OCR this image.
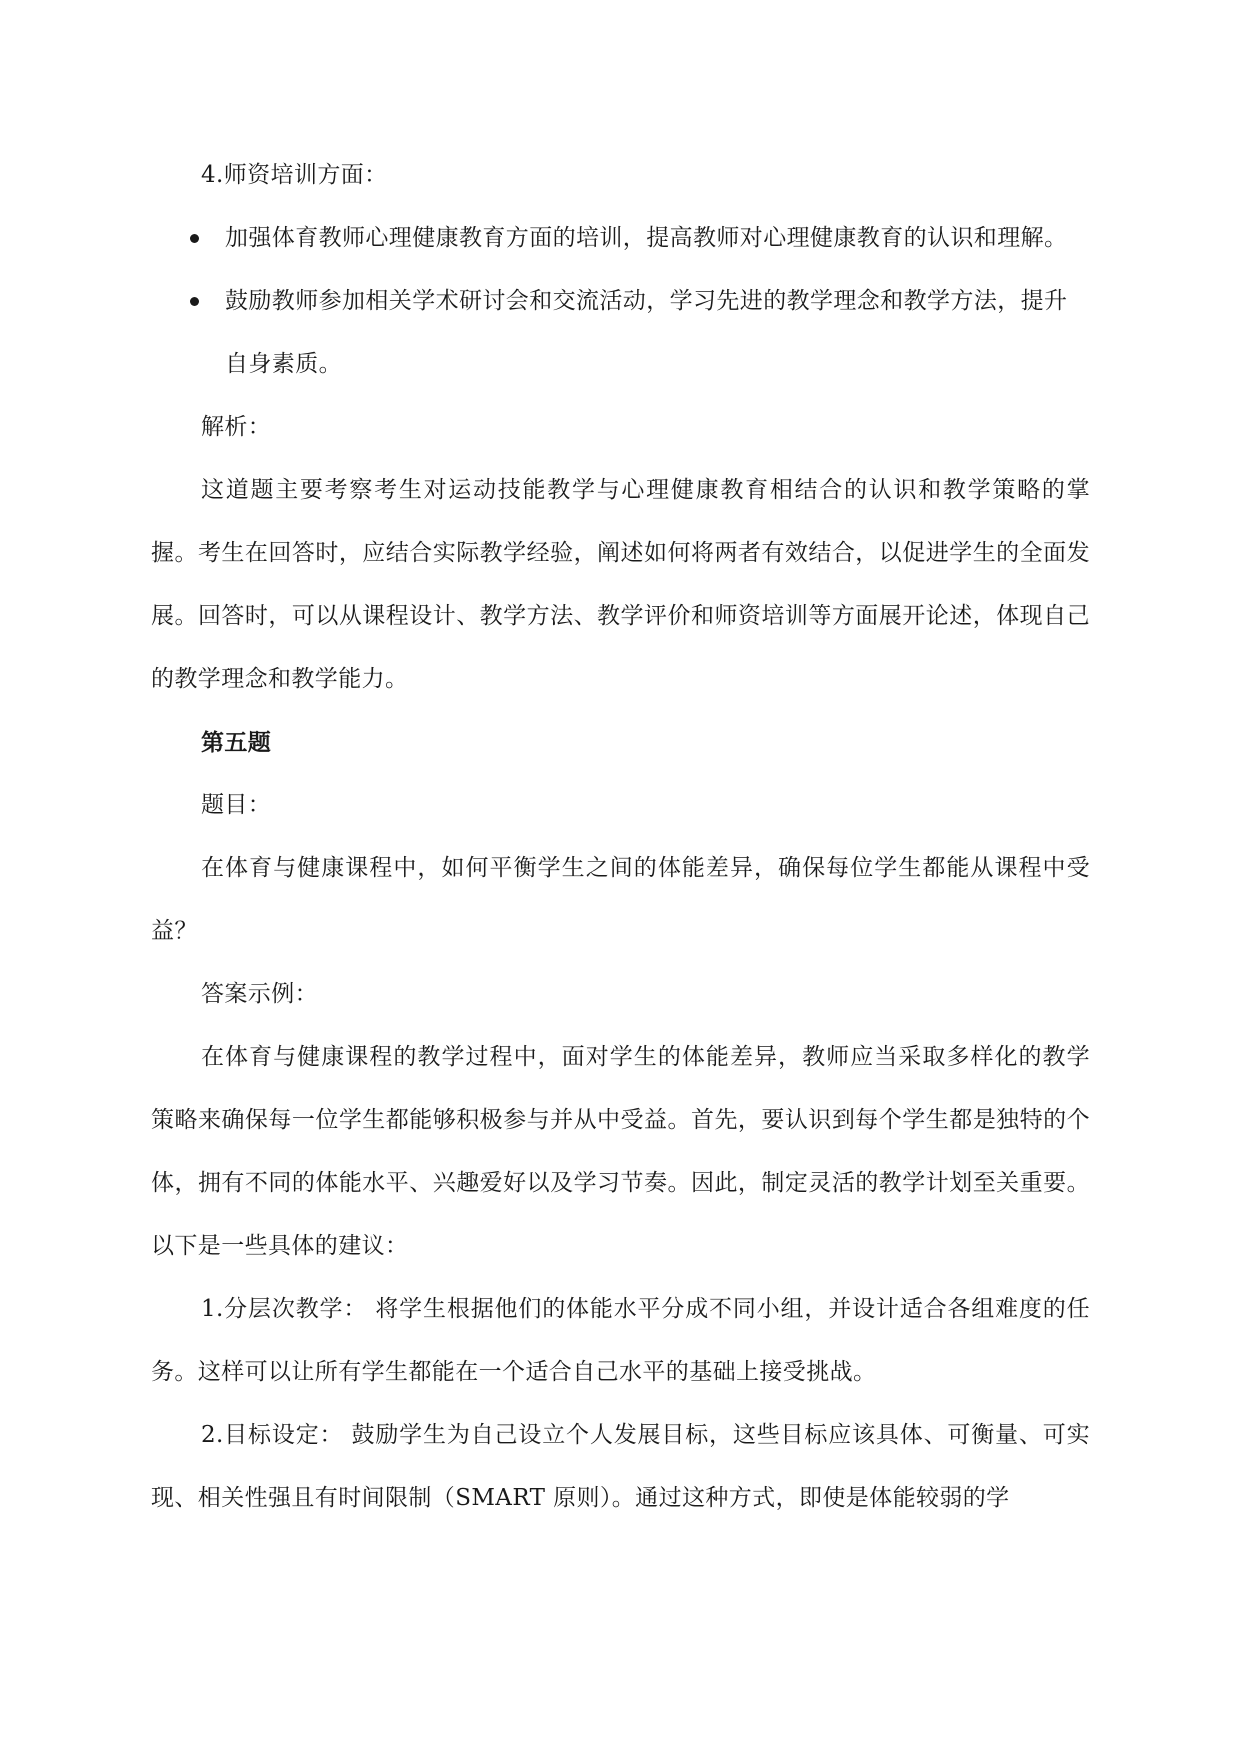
4.师资培训方面：

加强体育教师心理健康教育方面的培训，提高教师对心理健康教育的认识和理解。
鼓励教师参加相关学术研讨会和交流活动，学习先进的教学理念和教学方法，提升自身素质。

解析：

这道题主要考察考生对运动技能教学与心理健康教育相结合的认识和教学策略的掌握。考生在回答时，应结合实际教学经验，阐述如何将两者有效结合，以促进学生的全面发展。回答时，可以从课程设计、教学方法、教学评价和师资培训等方面展开论述，体现自己的教学理念和教学能力。

第五题

题目：

在体育与健康课程中，如何平衡学生之间的体能差异，确保每位学生都能从课程中受益？

答案示例：

在体育与健康课程的教学过程中，面对学生的体能差异，教师应当采取多样化的教学策略来确保每一位学生都能够积极参与并从中受益。首先，要认识到每个学生都是独特的个体，拥有不同的体能水平、兴趣爱好以及学习节奏。因此，制定灵活的教学计划至关重要。以下是一些具体的建议：

1.分层次教学： 将学生根据他们的体能水平分成不同小组，并设计适合各组难度的任务。这样可以让所有学生都能在一个适合自己水平的基础上接受挑战。

2.目标设定： 鼓励学生为自己设立个人发展目标，这些目标应该具体、可衡量、可实现、相关性强且有时间限制（SMART 原则）。通过这种方式，即使是体能较弱的学
